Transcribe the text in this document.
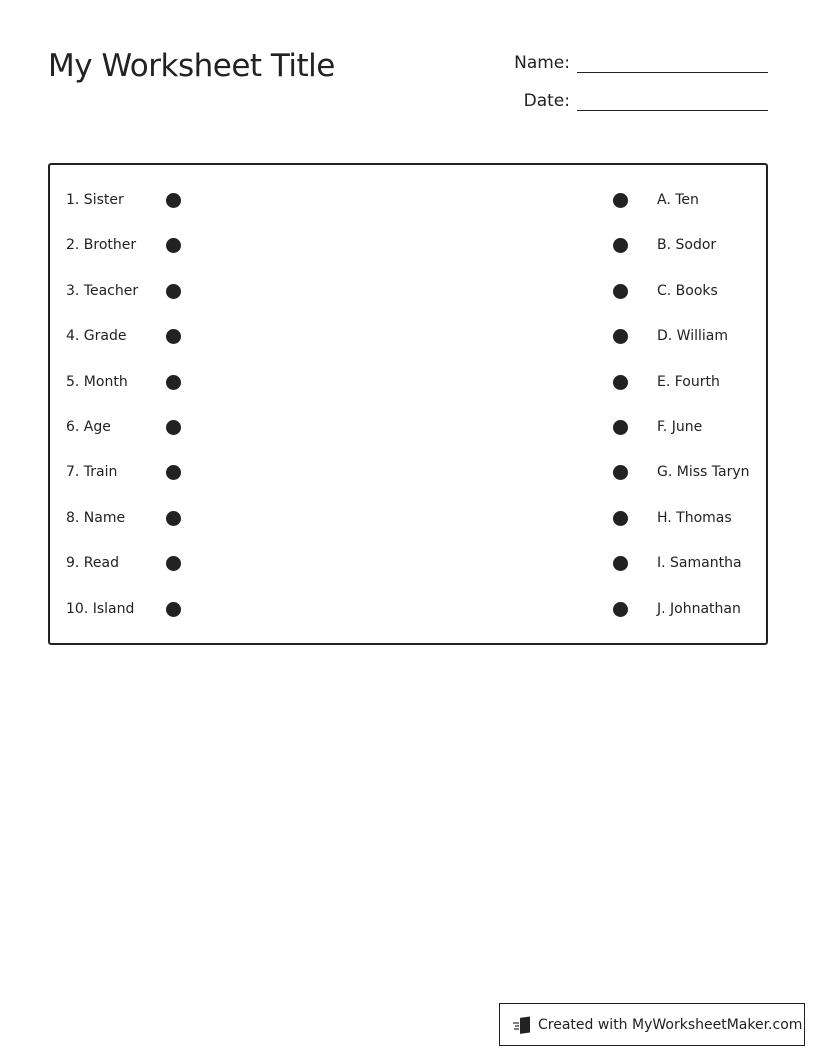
My Worksheet Title	Name:
Date:
1. Sister	A. Ten
2. Brother	B. Sodor
3. Teacher	C. Books
4. Grade	D. William
5. Month	E. Fourth
6. Age	F. June
7. Train	G. Miss Taryn
8. Name	H. Thomas
9. Read	I. Samantha
10. Island	J. Johnathan
Created with MyWorksheetMaker.com
